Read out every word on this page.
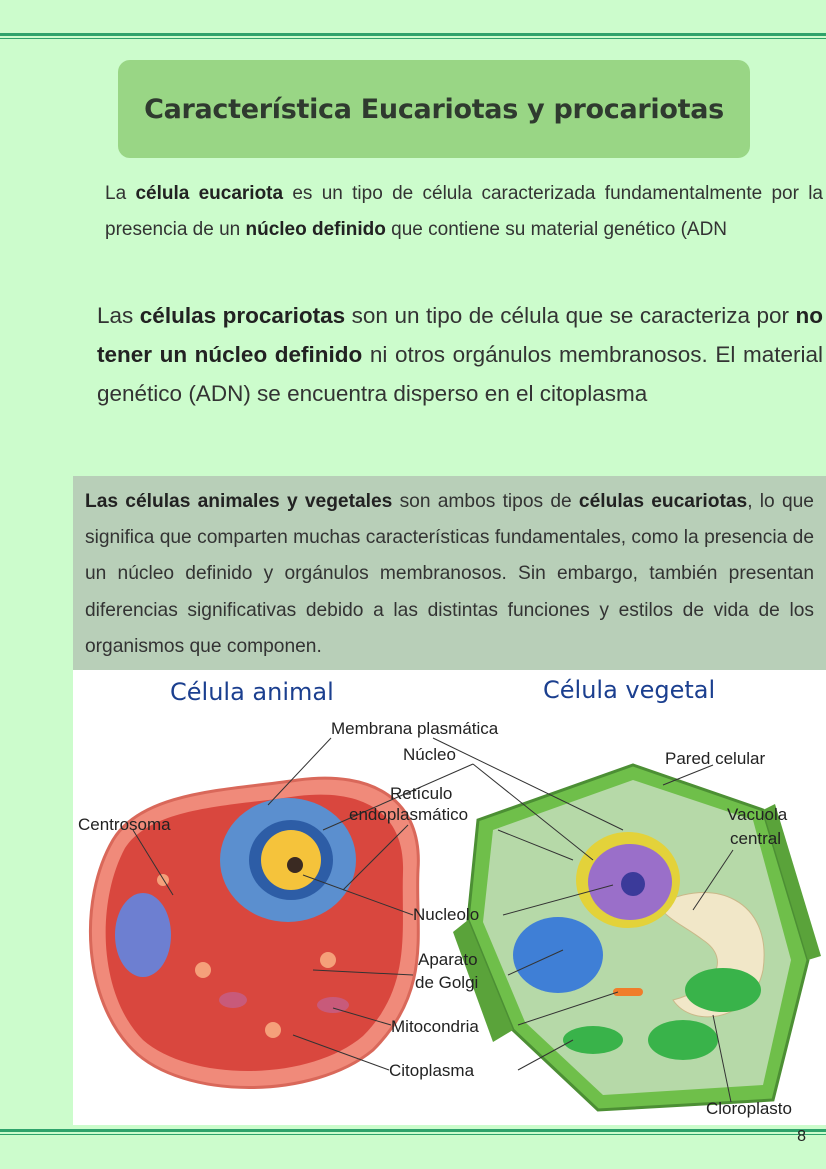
Característica Eucariotas y procariotas

La célula eucariota es un tipo de célula caracterizada fundamentalmente por la presencia de un núcleo definido que contiene su material genético (ADN

Las células procariotas son un tipo de célula que se caracteriza por no tener un núcleo definido ni otros orgánulos membranosos. El material genético (ADN) se encuentra disperso en el citoplasma

Las células animales y vegetales son ambos tipos de células eucariotas, lo que significa que comparten muchas características fundamentales, como la presencia de un núcleo definido y orgánulos membranosos. Sin embargo, también presentan diferencias significativas debido a las distintas funciones y estilos de vida de los organismos que componen.

Célula animal	Célula vegetal
Membrana plasmática
Núcleo	Pared celular
Retículo
endoplasmático
Centrosoma
Vacuola
central
Nucleolo
Aparato
de Golgi
Mitocondria
Citoplasma
Cloroplasto
8
